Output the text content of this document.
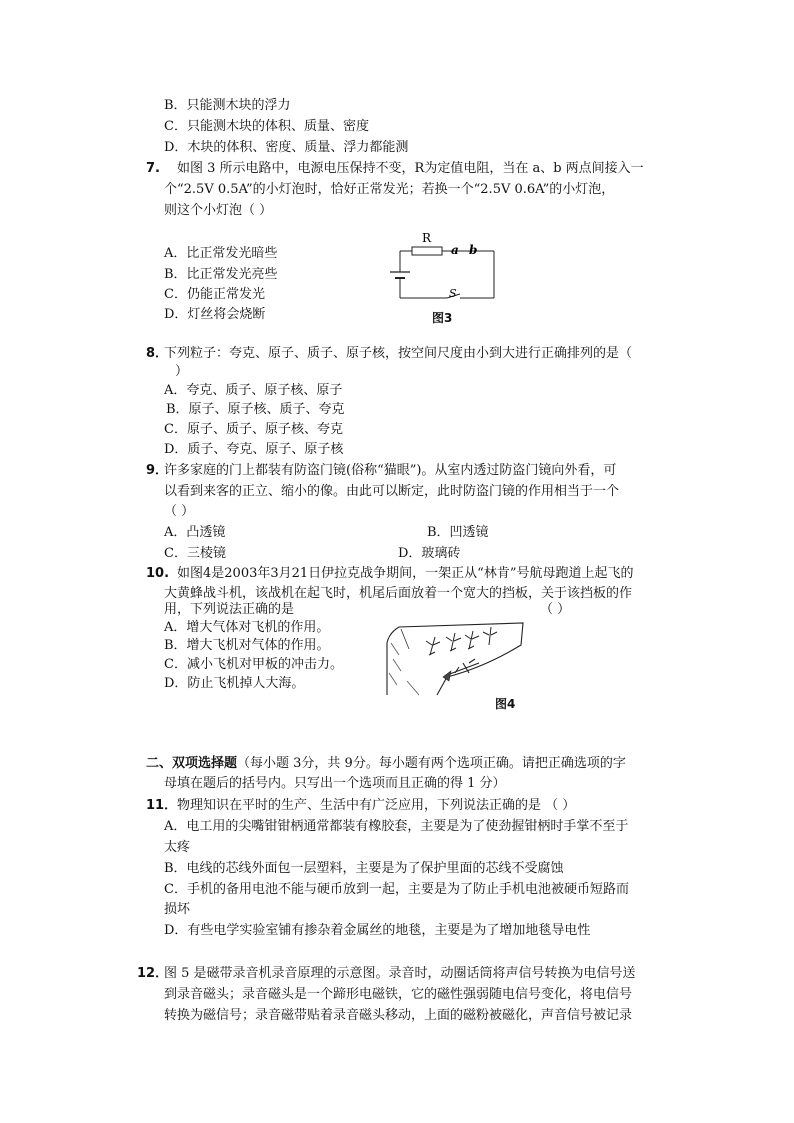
B．只能测木块的浮力
C．只能测木块的体积、质量、密度
D．木块的体积、密度、质量、浮力都能测
7. 如图 3 所示电路中，电源电压保持不变，R为定值电阻，当在 a、b 两点间接入一
个“2.5V 0.5A”的小灯泡时，恰好正常发光；若换一个“2.5V 0.6A”的小灯泡，
则这个小灯泡（ ）
A．比正常发光暗些
B．比正常发光亮些
C．仍能正常发光
D．灯丝将会烧断
R
a b
S
图3
8．
下列粒子：夸克、原子、质子、原子核，按空间尺度由小到大进行正确排列的是（
）
A．夸克、质子、原子核、原子
B．原子、原子核、质子、夸克
C．原子、质子、原子核、夸克
D．质子、夸克、原子、原子核
9．
许多家庭的门上都装有防盗门镜(俗称“猫眼”)。从室内透过防盗门镜向外看，可
以看到来客的正立、缩小的像。由此可以断定，此时防盗门镜的作用相当于一个
（ ）
A．凸透镜	B．凹透镜
C．三棱镜	D．玻璃砖
10. 如图4是2003年3月21日伊拉克战争期间，一架正从“林肯”号航母跑道上起飞的
大黄蜂战斗机，该战机在起飞时，机尾后面放着一个宽大的挡板，关于该挡板的作
用，下列说法正确的是	（ ）
A．增大气体对飞机的作用。
B．增大飞机对气体的作用。
C．减小飞机对甲板的冲击力。
D．防止飞机掉人大海。
图4
二、双项选择题（每小题 3分，共 9分。每小题有两个选项正确。请把正确选项的字
母填在题后的括号内。只写出一个选项而且正确的得 1 分）
11． 物理知识在平时的生产、生活中有广泛应用，下列说法正确的是 （ ）
A．电工用的尖嘴钳钳柄通常都装有橡胶套，主要是为了使劲握钳柄时手掌不至于
太疼
B．电线的芯线外面包一层塑料，主要是为了保护里面的芯线不受腐蚀
C．手机的备用电池不能与硬币放到一起，主要是为了防止手机电池被硬币短路而
损坏
D．有些电学实验室铺有掺杂着金属丝的地毯，主要是为了增加地毯导电性
12．
图 5 是磁带录音机录音原理的示意图。录音时，动圈话筒将声信号转换为电信号送
到录音磁头；录音磁头是一个蹄形电磁铁，它的磁性强弱随电信号变化，将电信号
转换为磁信号；录音磁带贴着录音磁头移动，上面的磁粉被磁化，声音信号被记录
